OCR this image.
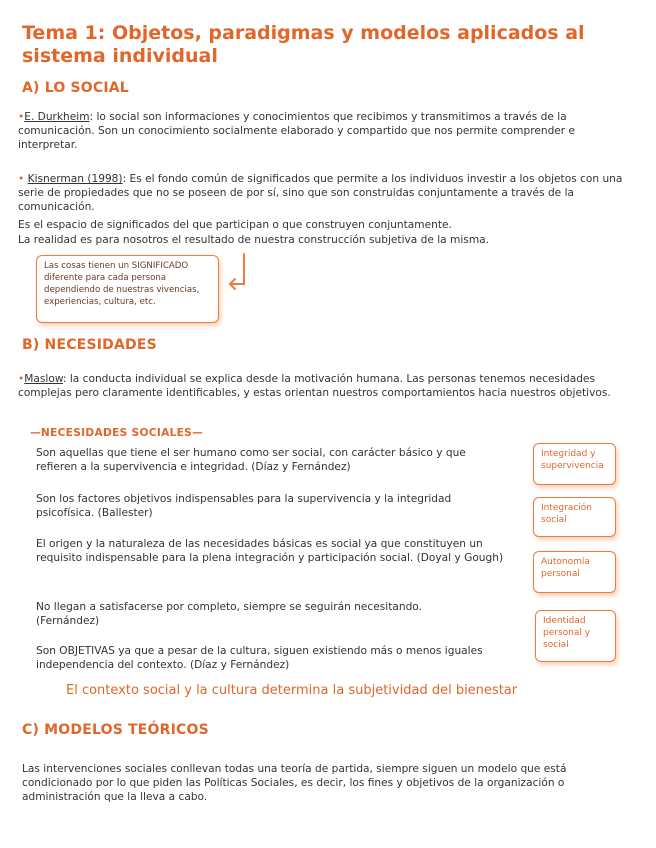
Tema 1: Objetos, paradigmas y modelos aplicados al sistema individual
A) LO SOCIAL

•E. Durkheim: lo social son informaciones y conocimientos que recibimos y transmitimos a través de la comunicación. Son un conocimiento socialmente elaborado y compartido que nos permite comprender e interpretar.

• Kisnerman (1998): Es el fondo común de significados que permite a los individuos investir a los objetos con una serie de propiedades que no se poseen de por sí, sino que son construidas conjuntamente a través de la comunicación.

Es el espacio de significados del que participan o que construyen conjuntamente.

La realidad es para nosotros el resultado de nuestra construcción subjetiva de la misma.

Las cosas tienen un SIGNIFICADO diferente para cada persona dependiendo de nuestras vivencias, experiencias, cultura, etc.
B) NECESIDADES

•Maslow: la conducta individual se explica desde la motivación humana. Las personas tenemos necesidades complejas pero claramente identificables, y estas orientan nuestros comportamientos hacia nuestros objetivos.

—NECESIDADES SOCIALES—

Son aquellas que tiene el ser humano como ser social, con carácter básico y que refieren a la supervivencia e integridad. (Díaz y Fernández)

Son los factores objetivos indispensables para la supervivencia y la integridad psicofísica. (Ballester)

El origen y la naturaleza de las necesidades básicas es social ya que constituyen un requisito indispensable para la plena integración y participación social. (Doyal y Gough)

No llegan a satisfacerse por completo, siempre se seguirán necesitando. (Fernández)

Son OBJETIVAS ya que a pesar de la cultura, siguen existiendo más o menos iguales independencia del contexto. (Díaz y Fernández)

Integridad y supervivencia
Integración social
Autonomía personal
Identidad personal y social

El contexto social y la cultura determina la subjetividad del bienestar

C) MODELOS TEÓRICOS

Las intervenciones sociales conllevan todas una teoría de partida, siempre siguen un modelo que está condicionado por lo que piden las Políticas Sociales, es decir, los fines y objetivos de la organización o administración que la lleva a cabo.
